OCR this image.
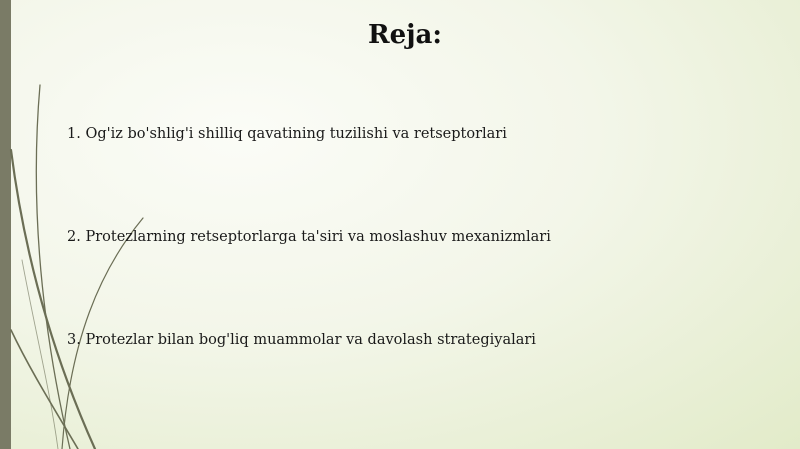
Reja:
1. Og'iz bo'shlig'i shilliq qavatining tuzilishi va retseptorlari
2. Protezlarning retseptorlarga ta'siri va moslashuv mexanizmlari
3. Protezlar bilan bog'liq muammolar va davolash strategiyalari
